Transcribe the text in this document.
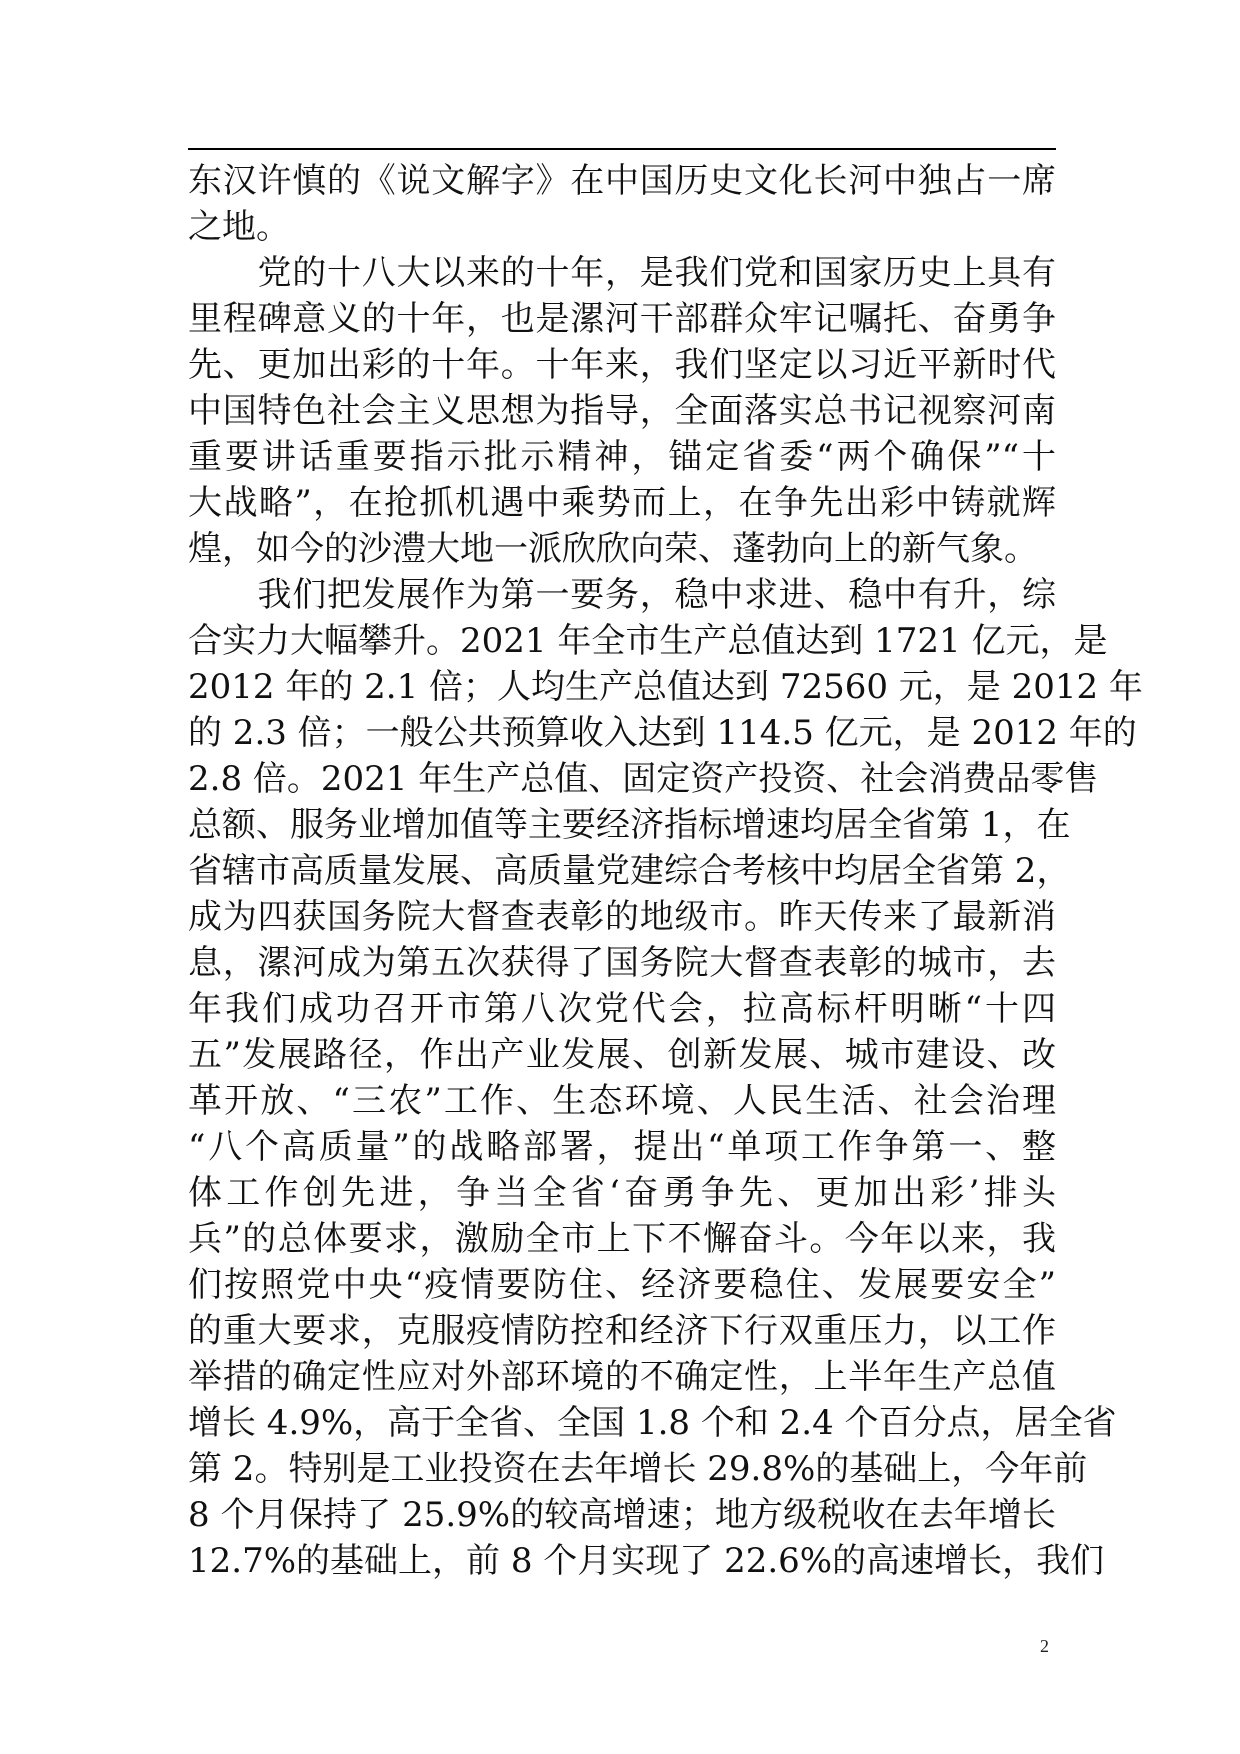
东汉许慎的《说文解字》在中国历史文化长河中独占一席
之地。
　　党的十八大以来的十年，是我们党和国家历史上具有
里程碑意义的十年，也是漯河干部群众牢记嘱托、奋勇争
先、更加出彩的十年。十年来，我们坚定以习近平新时代
中国特色社会主义思想为指导，全面落实总书记视察河南
重要讲话重要指示批示精神，锚定省委“两个确保”“十
大战略”，在抢抓机遇中乘势而上，在争先出彩中铸就辉
煌，如今的沙澧大地一派欣欣向荣、蓬勃向上的新气象。
　　我们把发展作为第一要务，稳中求进、稳中有升，综
合实力大幅攀升。2021 年全市生产总值达到 1721 亿元，是
2012 年的 2.1 倍；人均生产总值达到 72560 元，是 2012 年
的 2.3 倍；一般公共预算收入达到 114.5 亿元，是 2012 年的
2.8 倍。2021 年生产总值、固定资产投资、社会消费品零售
总额、服务业增加值等主要经济指标增速均居全省第 1，在
省辖市高质量发展、高质量党建综合考核中均居全省第 2，
成为四获国务院大督查表彰的地级市。昨天传来了最新消
息，漯河成为第五次获得了国务院大督查表彰的城市，去
年我们成功召开市第八次党代会，拉高标杆明晰“十四
五”发展路径，作出产业发展、创新发展、城市建设、改
革开放、“三农”工作、生态环境、人民生活、社会治理
“八个高质量”的战略部署，提出“单项工作争第一、整
体工作创先进，争当全省‘奋勇争先、更加出彩’排头
兵”的总体要求，激励全市上下不懈奋斗。今年以来，我
们按照党中央“疫情要防住、经济要稳住、发展要安全”
的重大要求，克服疫情防控和经济下行双重压力，以工作
举措的确定性应对外部环境的不确定性，上半年生产总值
增长 4.9%，高于全省、全国 1.8 个和 2.4 个百分点，居全省
第 2。特别是工业投资在去年增长 29.8%的基础上，今年前
8 个月保持了 25.9%的较高增速；地方级税收在去年增长
12.7%的基础上，前 8 个月实现了 22.6%的高速增长，我们
2
